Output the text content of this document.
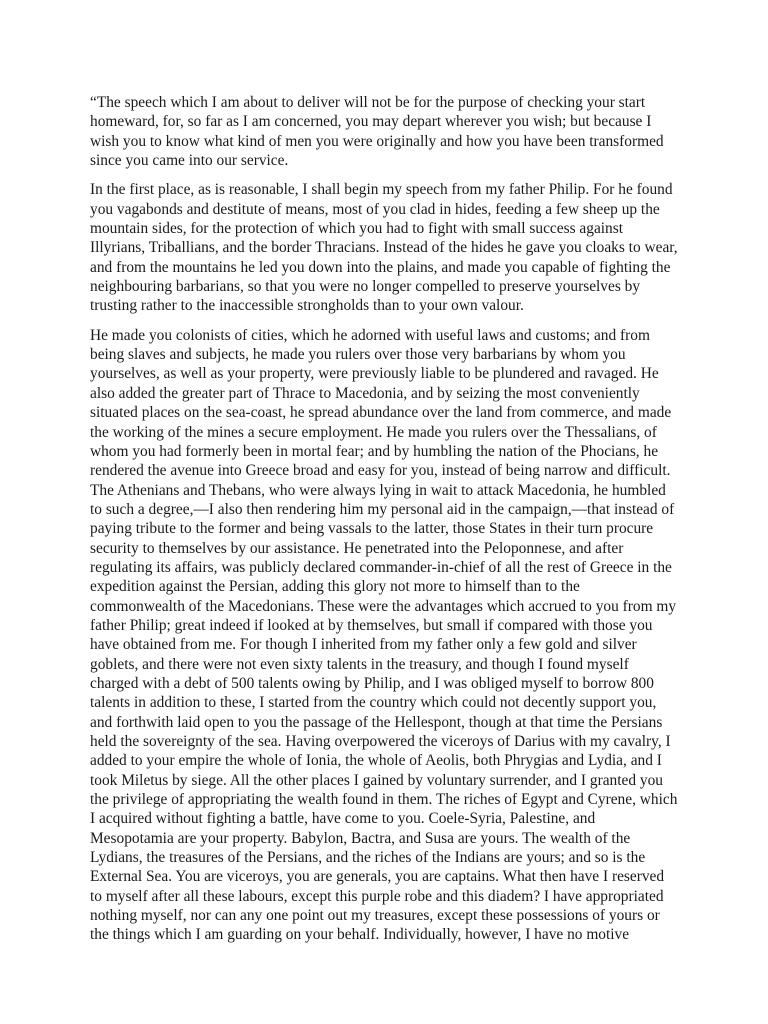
“The speech which I am about to deliver will not be for the purpose of checking your start homeward, for, so far as I am concerned, you may depart wherever you wish; but because I wish you to know what kind of men you were originally and how you have been transformed since you came into our service.

In the first place, as is reasonable, I shall begin my speech from my father Philip. For he found you vagabonds and destitute of means, most of you clad in hides, feeding a few sheep up the mountain sides, for the protection of which you had to fight with small success against Illyrians, Triballians, and the border Thracians. Instead of the hides he gave you cloaks to wear, and from the mountains he led you down into the plains, and made you capable of fighting the neighbouring barbarians, so that you were no longer compelled to preserve yourselves by trusting rather to the inaccessible strongholds than to your own valour.

He made you colonists of cities, which he adorned with useful laws and customs; and from being slaves and subjects, he made you rulers over those very barbarians by whom you yourselves, as well as your property, were previously liable to be plundered and ravaged. He also added the greater part of Thrace to Macedonia, and by seizing the most conveniently situated places on the sea-coast, he spread abundance over the land from commerce, and made the working of the mines a secure employment. He made you rulers over the Thessalians, of whom you had formerly been in mortal fear; and by humbling the nation of the Phocians, he rendered the avenue into Greece broad and easy for you, instead of being narrow and difficult. The Athenians and Thebans, who were always lying in wait to attack Macedonia, he humbled to such a degree,—I also then rendering him my personal aid in the campaign,—that instead of paying tribute to the former and being vassals to the latter, those States in their turn procure security to themselves by our assistance. He penetrated into the Peloponnese, and after regulating its affairs, was publicly declared commander-in-chief of all the rest of Greece in the expedition against the Persian, adding this glory not more to himself than to the commonwealth of the Macedonians. These were the advantages which accrued to you from my father Philip; great indeed if looked at by themselves, but small if compared with those you have obtained from me. For though I inherited from my father only a few gold and silver goblets, and there were not even sixty talents in the treasury, and though I found myself charged with a debt of 500 talents owing by Philip, and I was obliged myself to borrow 800 talents in addition to these, I started from the country which could not decently support you, and forthwith laid open to you the passage of the Hellespont, though at that time the Persians held the sovereignty of the sea. Having overpowered the viceroys of Darius with my cavalry, I added to your empire the whole of Ionia, the whole of Aeolis, both Phrygias and Lydia, and I took Miletus by siege. All the other places I gained by voluntary surrender, and I granted you the privilege of appropriating the wealth found in them. The riches of Egypt and Cyrene, which I acquired without fighting a battle, have come to you. Coele-Syria, Palestine, and Mesopotamia are your property. Babylon, Bactra, and Susa are yours. The wealth of the Lydians, the treasures of the Persians, and the riches of the Indians are yours; and so is the External Sea. You are viceroys, you are generals, you are captains. What then have I reserved to myself after all these labours, except this purple robe and this diadem? I have appropriated nothing myself, nor can any one point out my treasures, except these possessions of yours or the things which I am guarding on your behalf. Individually, however, I have no motive
